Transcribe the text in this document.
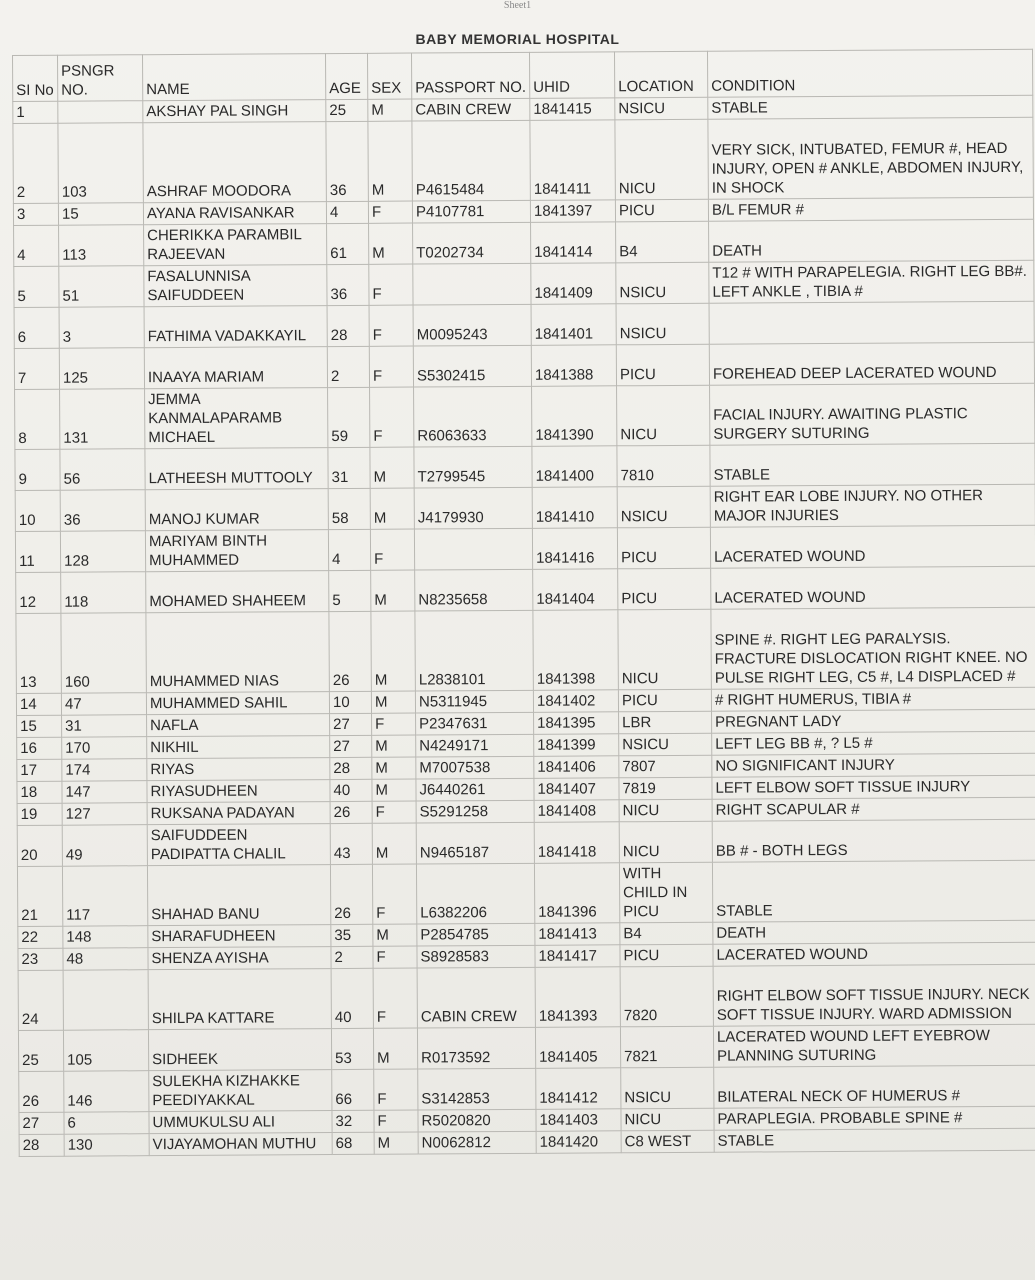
Sheet1
BABY MEMORIAL HOSPITAL
SI No	PSNGR NO.	NAME	AGE	SEX	PASSPORT NO.	UHID	LOCATION	CONDITION
1		AKSHAY PAL SINGH	25	M	CABIN CREW	1841415	NSICU	STABLE
2	103	ASHRAF MOODORA	36	M	P4615484	1841411	NICU	VERY SICK, INTUBATED, FEMUR #, HEAD INJURY, OPEN # ANKLE, ABDOMEN INJURY, IN SHOCK
3	15	AYANA RAVISANKAR	4	F	P4107781	1841397	PICU	B/L FEMUR #
4	113	CHERIKKA PARAMBIL RAJEEVAN	61	M	T0202734	1841414	B4	DEATH
5	51	FASALUNNISA SAIFUDDEEN	36	F		1841409	NSICU	T12 # WITH PARAPELEGIA. RIGHT LEG BB#. LEFT ANKLE , TIBIA #
6	3	FATHIMA VADAKKAYIL	28	F	M0095243	1841401	NSICU	
7	125	INAAYA MARIAM	2	F	S5302415	1841388	PICU	FOREHEAD DEEP LACERATED WOUND
8	131	JEMMA KANMALAPARAMB MICHAEL	59	F	R6063633	1841390	NICU	FACIAL INJURY. AWAITING PLASTIC SURGERY SUTURING
9	56	LATHEESH MUTTOOLY	31	M	T2799545	1841400	7810	STABLE
10	36	MANOJ KUMAR	58	M	J4179930	1841410	NSICU	RIGHT EAR LOBE INJURY. NO OTHER MAJOR INJURIES
11	128	MARIYAM BINTH MUHAMMED	4	F		1841416	PICU	LACERATED WOUND
12	118	MOHAMED SHAHEEM	5	M	N8235658	1841404	PICU	LACERATED WOUND
13	160	MUHAMMED NIAS	26	M	L2838101	1841398	NICU	SPINE #. RIGHT LEG PARALYSIS. FRACTURE DISLOCATION RIGHT KNEE. NO PULSE RIGHT LEG, C5 #, L4 DISPLACED #
14	47	MUHAMMED SAHIL	10	M	N5311945	1841402	PICU	# RIGHT HUMERUS, TIBIA #
15	31	NAFLA	27	F	P2347631	1841395	LBR	PREGNANT LADY
16	170	NIKHIL	27	M	N4249171	1841399	NSICU	LEFT LEG BB #, ? L5 #
17	174	RIYAS	28	M	M7007538	1841406	7807	NO SIGNIFICANT INJURY
18	147	RIYASUDHEEN	40	M	J6440261	1841407	7819	LEFT ELBOW SOFT TISSUE INJURY
19	127	RUKSANA PADAYAN	26	F	S5291258	1841408	NICU	RIGHT SCAPULAR #
20	49	SAIFUDDEEN PADIPATTA CHALIL	43	M	N9465187	1841418	NICU	BB # - BOTH LEGS
21	117	SHAHAD BANU	26	F	L6382206	1841396	WITH CHILD IN PICU	STABLE
22	148	SHARAFUDHEEN	35	M	P2854785	1841413	B4	DEATH
23	48	SHENZA AYISHA	2	F	S8928583	1841417	PICU	LACERATED WOUND
24		SHILPA KATTARE	40	F	CABIN CREW	1841393	7820	RIGHT ELBOW SOFT TISSUE INJURY. NECK SOFT TISSUE INJURY. WARD ADMISSION
25	105	SIDHEEK	53	M	R0173592	1841405	7821	LACERATED WOUND LEFT EYEBROW PLANNING SUTURING
26	146	SULEKHA KIZHAKKE PEEDIYAKKAL	66	F	S3142853	1841412	NSICU	BILATERAL NECK OF HUMERUS #
27	6	UMMUKULSU ALI	32	F	R5020820	1841403	NICU	PARAPLEGIA. PROBABLE SPINE #
28	130	VIJAYAMOHAN MUTHU	68	M	N0062812	1841420	C8 WEST	STABLE
